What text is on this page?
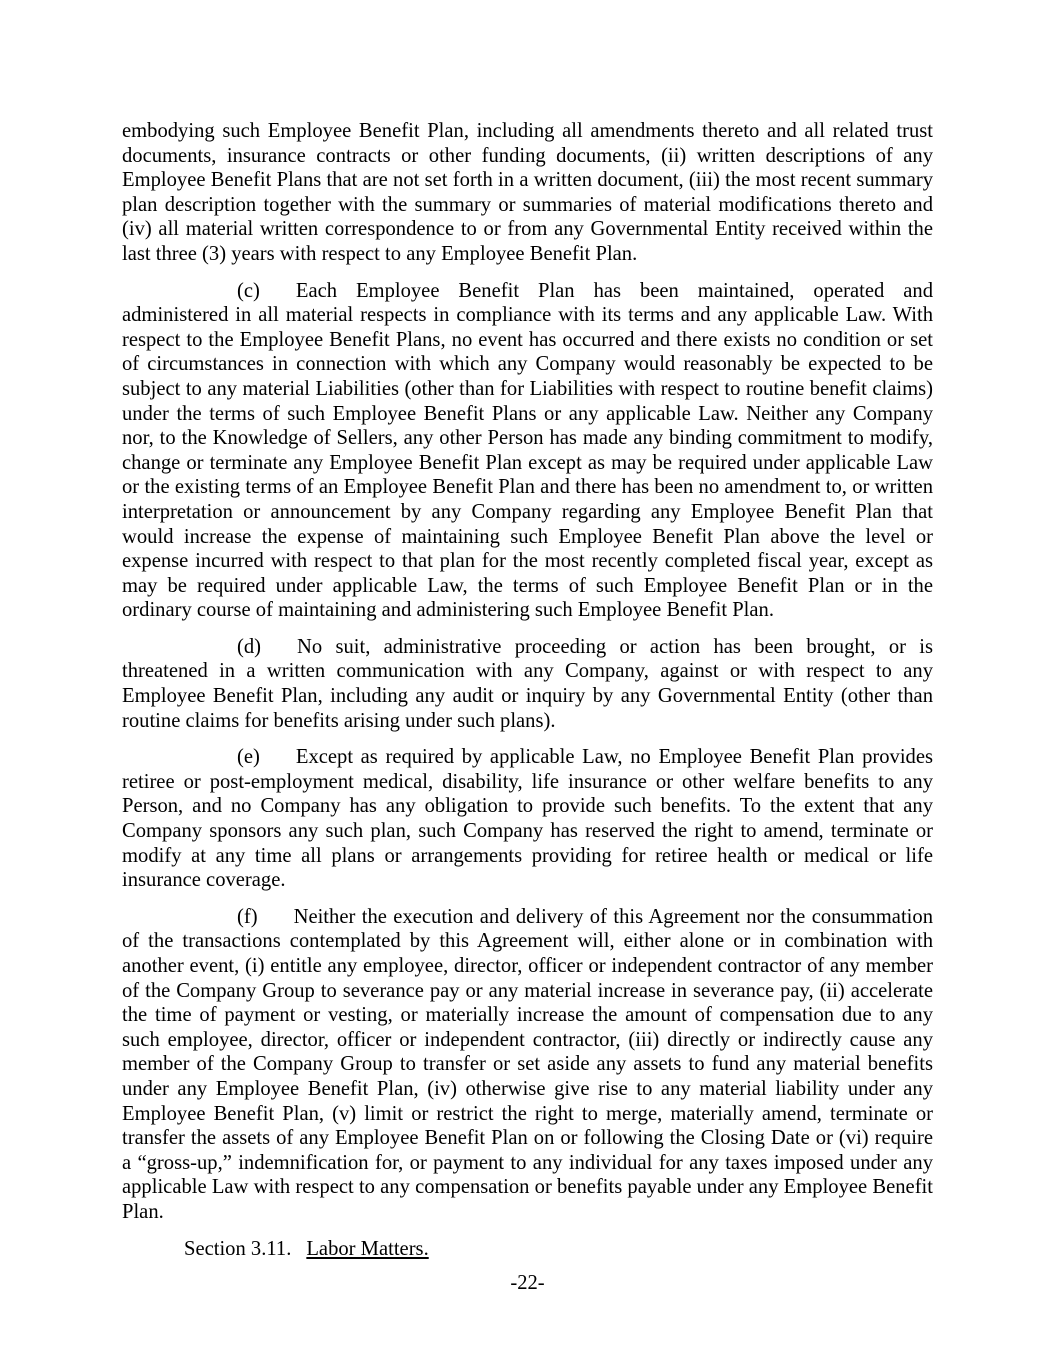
embodying such Employee Benefit Plan, including all amendments thereto and all related trust documents, insurance contracts or other funding documents, (ii) written descriptions of any Employee Benefit Plans that are not set forth in a written document, (iii) the most recent summary plan description together with the summary or summaries of material modifications thereto and (iv) all material written correspondence to or from any Governmental Entity received within the last three (3) years with respect to any Employee Benefit Plan.

(c) Each Employee Benefit Plan has been maintained, operated and administered in all material respects in compliance with its terms and any applicable Law. With respect to the Employee Benefit Plans, no event has occurred and there exists no condition or set of circumstances in connection with which any Company would reasonably be expected to be subject to any material Liabilities (other than for Liabilities with respect to routine benefit claims) under the terms of such Employee Benefit Plans or any applicable Law. Neither any Company nor, to the Knowledge of Sellers, any other Person has made any binding commitment to modify, change or terminate any Employee Benefit Plan except as may be required under applicable Law or the existing terms of an Employee Benefit Plan and there has been no amendment to, or written interpretation or announcement by any Company regarding any Employee Benefit Plan that would increase the expense of maintaining such Employee Benefit Plan above the level or expense incurred with respect to that plan for the most recently completed fiscal year, except as may be required under applicable Law, the terms of such Employee Benefit Plan or in the ordinary course of maintaining and administering such Employee Benefit Plan.

(d) No suit, administrative proceeding or action has been brought, or is threatened in a written communication with any Company, against or with respect to any Employee Benefit Plan, including any audit or inquiry by any Governmental Entity (other than routine claims for benefits arising under such plans).

(e) Except as required by applicable Law, no Employee Benefit Plan provides retiree or post-employment medical, disability, life insurance or other welfare benefits to any Person, and no Company has any obligation to provide such benefits. To the extent that any Company sponsors any such plan, such Company has reserved the right to amend, terminate or modify at any time all plans or arrangements providing for retiree health or medical or life insurance coverage.

(f) Neither the execution and delivery of this Agreement nor the consummation of the transactions contemplated by this Agreement will, either alone or in combination with another event, (i) entitle any employee, director, officer or independent contractor of any member of the Company Group to severance pay or any material increase in severance pay, (ii) accelerate the time of payment or vesting, or materially increase the amount of compensation due to any such employee, director, officer or independent contractor, (iii) directly or indirectly cause any member of the Company Group to transfer or set aside any assets to fund any material benefits under any Employee Benefit Plan, (iv) otherwise give rise to any material liability under any Employee Benefit Plan, (v) limit or restrict the right to merge, materially amend, terminate or transfer the assets of any Employee Benefit Plan on or following the Closing Date or (vi) require a “gross-up,” indemnification for, or payment to any individual for any taxes imposed under any applicable Law with respect to any compensation or benefits payable under any Employee Benefit Plan.

Section 3.11. Labor Matters.

-22-
